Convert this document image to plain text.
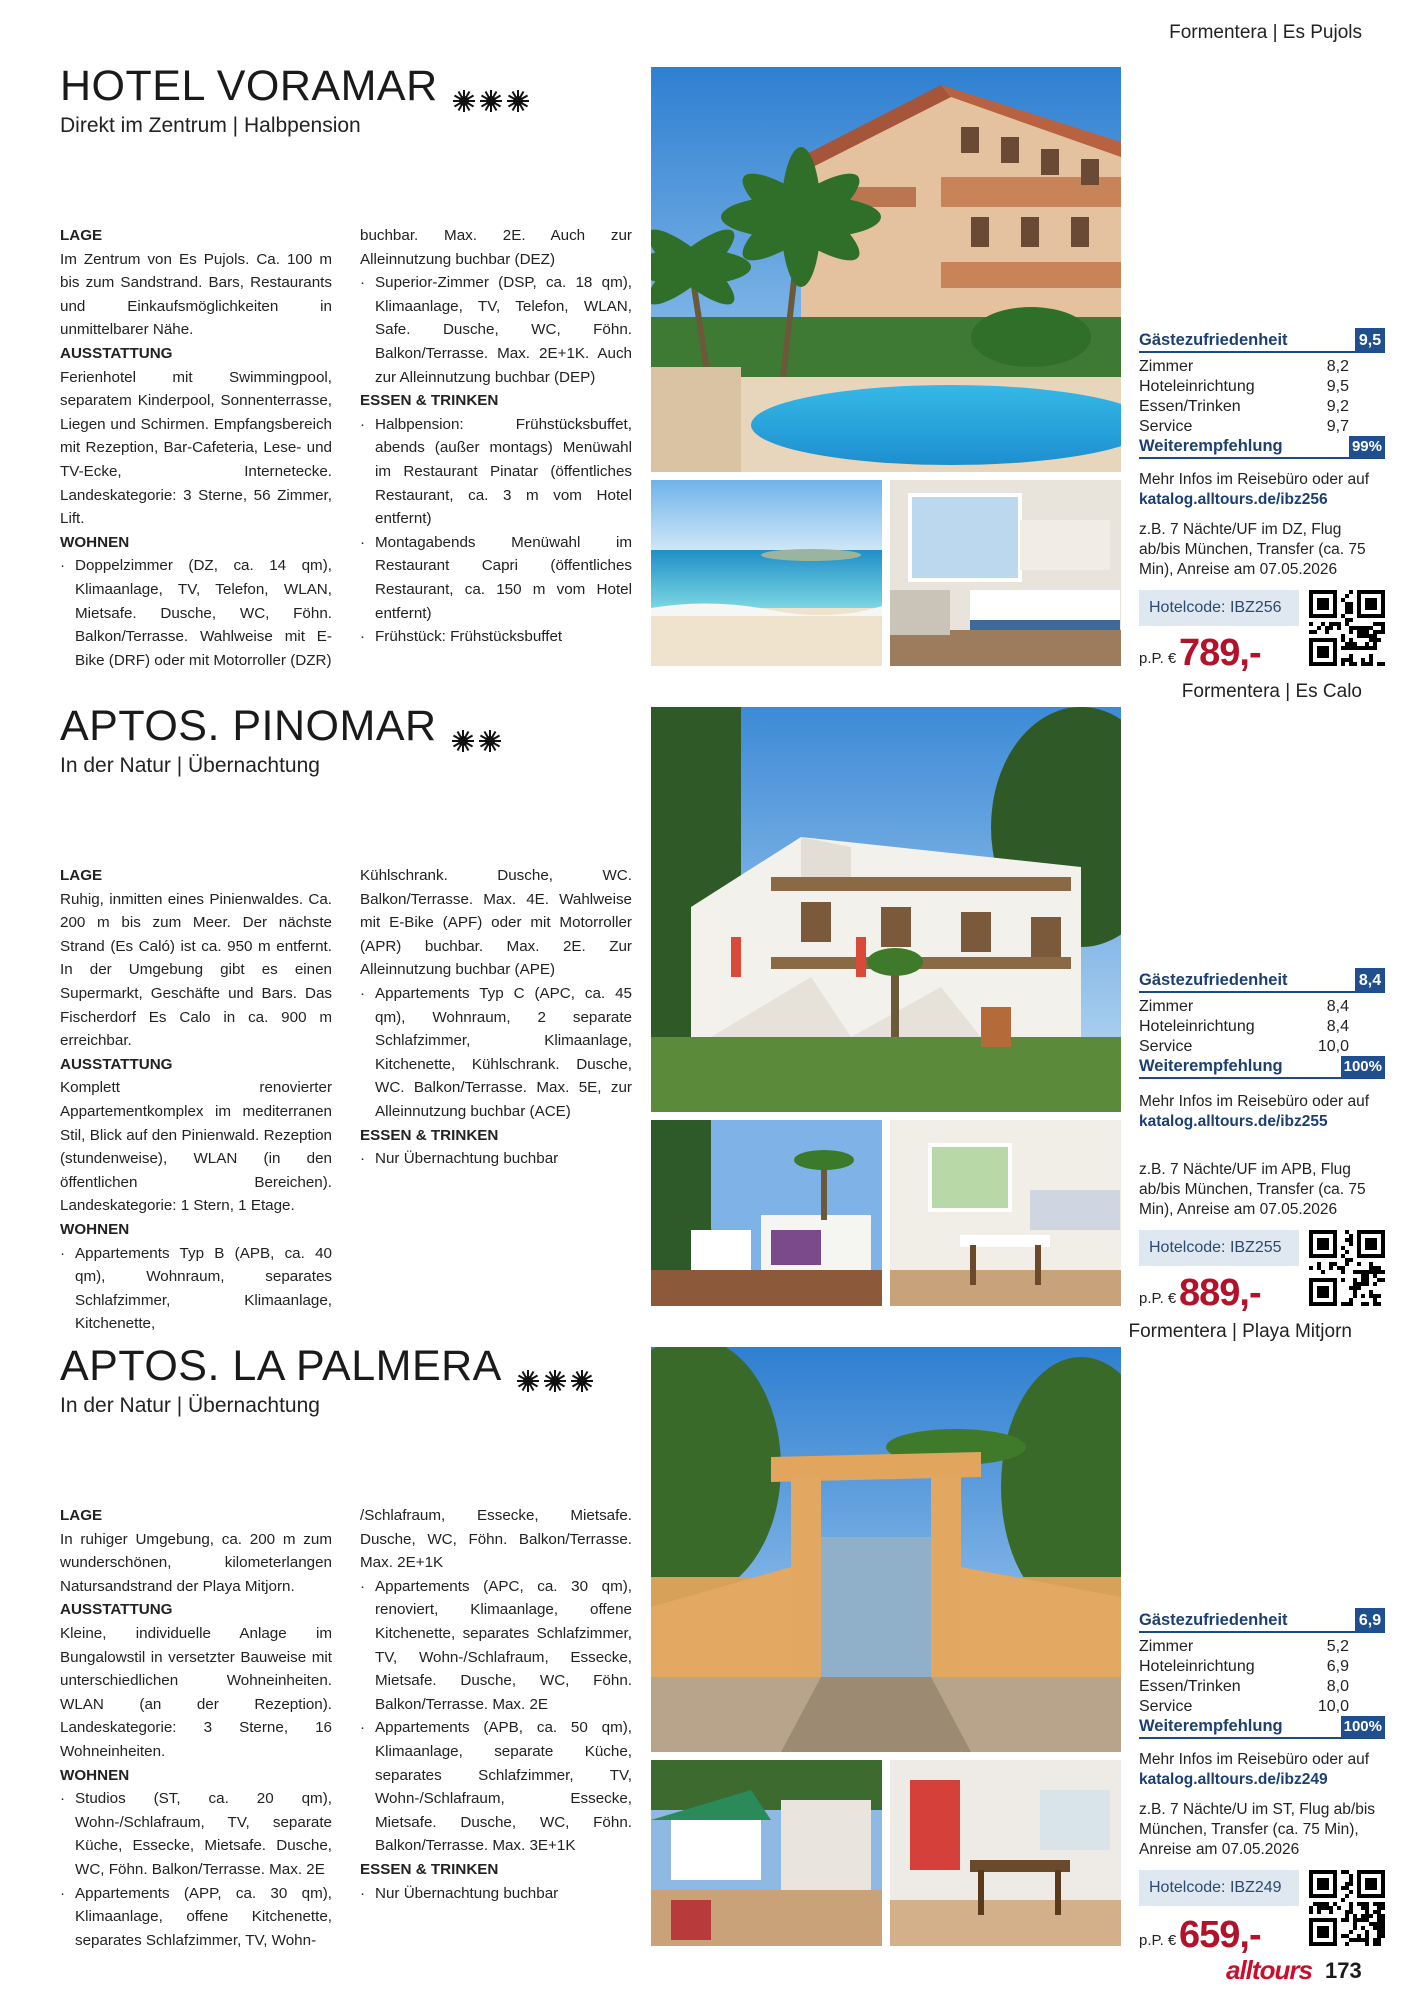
Formentera | Es Pujols
HOTEL VORAMAR
Direkt im Zentrum | Halbpension
LAGE
Im Zentrum von Es Pujols. Ca. 100 m bis zum Sandstrand. Bars, Restaurants und Einkaufsmöglichkeiten in unmittelbarer Nähe.
AUSSTATTUNG
Ferienhotel mit Swimmingpool, separatem Kinderpool, Sonnenterrasse, Liegen und Schirmen. Empfangsbereich mit Rezeption, Bar-Cafeteria, Lese- und TV-Ecke, Internetecke. Landeskategorie: 3 Sterne, 56 Zimmer, Lift.
WOHNEN
· Doppelzimmer (DZ, ca. 14 qm), Klimaanlage, TV, Telefon, WLAN, Mietsafe. Dusche, WC, Föhn. Balkon/Terrasse. Wahlweise mit E-Bike (DRF) oder mit Motorroller (DZR)
buchbar. Max. 2E. Auch zur Alleinnutzung buchbar (DEZ)
· Superior-Zimmer (DSP, ca. 18 qm), Klimaanlage, TV, Telefon, WLAN, Safe. Dusche, WC, Föhn. Balkon/Terrasse. Max. 2E+1K. Auch zur Alleinnutzung buchbar (DEP)
ESSEN & TRINKEN
· Halbpension: Frühstücksbuffet, abends (außer montags) Menüwahl im Restaurant Pinatar (öffentliches Restaurant, ca. 3 m vom Hotel entfernt)
· Montagabends Menüwahl im Restaurant Capri (öffentliches Restaurant, ca. 150 m vom Hotel entfernt)
· Frühstück: Frühstücksbuffet
Gästezufriedenheit	9,5
Zimmer	8,2
Hoteleinrichtung	9,5
Essen/Trinken	9,2
Service	9,7
Weiterempfehlung	99%
Mehr Infos im Reisebüro oder auf
katalog.alltours.de/ibz256
z.B. 7 Nächte/UF im DZ, Flug ab/bis München, Transfer (ca. 75 Min), Anreise am 07.05.2026
Hotelcode: IBZ256
p.P. € 789,-
Formentera | Es Calo
APTOS. PINOMAR
In der Natur | Übernachtung
LAGE
Ruhig, inmitten eines Pinienwaldes. Ca. 200 m bis zum Meer. Der nächste Strand (Es Caló) ist ca. 950 m entfernt. In der Umgebung gibt es einen Supermarkt, Geschäfte und Bars. Das Fischerdorf Es Calo in ca. 900 m erreichbar.
AUSSTATTUNG
Komplett renovierter Appartementkomplex im mediterranen Stil, Blick auf den Pinienwald. Rezeption (stundenweise), WLAN (in den öffentlichen Bereichen). Landeskategorie: 1 Stern, 1 Etage.
WOHNEN
· Appartements Typ B (APB, ca. 40 qm), Wohnraum, separates Schlafzimmer, Klimaanlage, Kitchenette,
Kühlschrank. Dusche, WC. Balkon/Terrasse. Max. 4E. Wahlweise mit E-Bike (APF) oder mit Motorroller (APR) buchbar. Max. 2E. Zur Alleinnutzung buchbar (APE)
· Appartements Typ C (APC, ca. 45 qm), Wohnraum, 2 separate Schlafzimmer, Klimaanlage, Kitchenette, Kühlschrank. Dusche, WC. Balkon/Terrasse. Max. 5E, zur Alleinnutzung buchbar (ACE)
ESSEN & TRINKEN
· Nur Übernachtung buchbar
Gästezufriedenheit	8,4
Zimmer	8,4
Hoteleinrichtung	8,4
Service	10,0
Weiterempfehlung	100%
Mehr Infos im Reisebüro oder auf
katalog.alltours.de/ibz255
z.B. 7 Nächte/UF im APB, Flug ab/bis München, Transfer (ca. 75 Min), Anreise am 07.05.2026
Hotelcode: IBZ255
p.P. € 889,-
Formentera | Playa Mitjorn
APTOS. LA PALMERA
In der Natur | Übernachtung
LAGE
In ruhiger Umgebung, ca. 200 m zum wunderschönen, kilometerlangen Natursandstrand der Playa Mitjorn.
AUSSTATTUNG
Kleine, individuelle Anlage im Bungalowstil in versetzter Bauweise mit unterschiedlichen Wohneinheiten. WLAN (an der Rezeption). Landeskategorie: 3 Sterne, 16 Wohneinheiten.
WOHNEN
· Studios (ST, ca. 20 qm), Wohn-/Schlafraum, TV, separate Küche, Essecke, Mietsafe. Dusche, WC, Föhn. Balkon/Terrasse. Max. 2E
· Appartements (APP, ca. 30 qm), Klimaanlage, offene Kitchenette, separates Schlafzimmer, TV, Wohn-
/Schlafraum, Essecke, Mietsafe. Dusche, WC, Föhn. Balkon/Terrasse. Max. 2E+1K
· Appartements (APC, ca. 30 qm), renoviert, Klimaanlage, offene Kitchenette, separates Schlafzimmer, TV, Wohn-/Schlafraum, Essecke, Mietsafe. Dusche, WC, Föhn. Balkon/Terrasse. Max. 2E
· Appartements (APB, ca. 50 qm), Klimaanlage, separate Küche, separates Schlafzimmer, TV, Wohn-/Schlafraum, Essecke, Mietsafe. Dusche, WC, Föhn. Balkon/Terrasse. Max. 3E+1K
ESSEN & TRINKEN
· Nur Übernachtung buchbar
Gästezufriedenheit	6,9
Zimmer	5,2
Hoteleinrichtung	6,9
Essen/Trinken	8,0
Service	10,0
Weiterempfehlung	100%
Mehr Infos im Reisebüro oder auf
katalog.alltours.de/ibz249
z.B. 7 Nächte/U im ST, Flug ab/bis München, Transfer (ca. 75 Min), Anreise am 07.05.2026
Hotelcode: IBZ249
p.P. € 659,-
alltours 173
